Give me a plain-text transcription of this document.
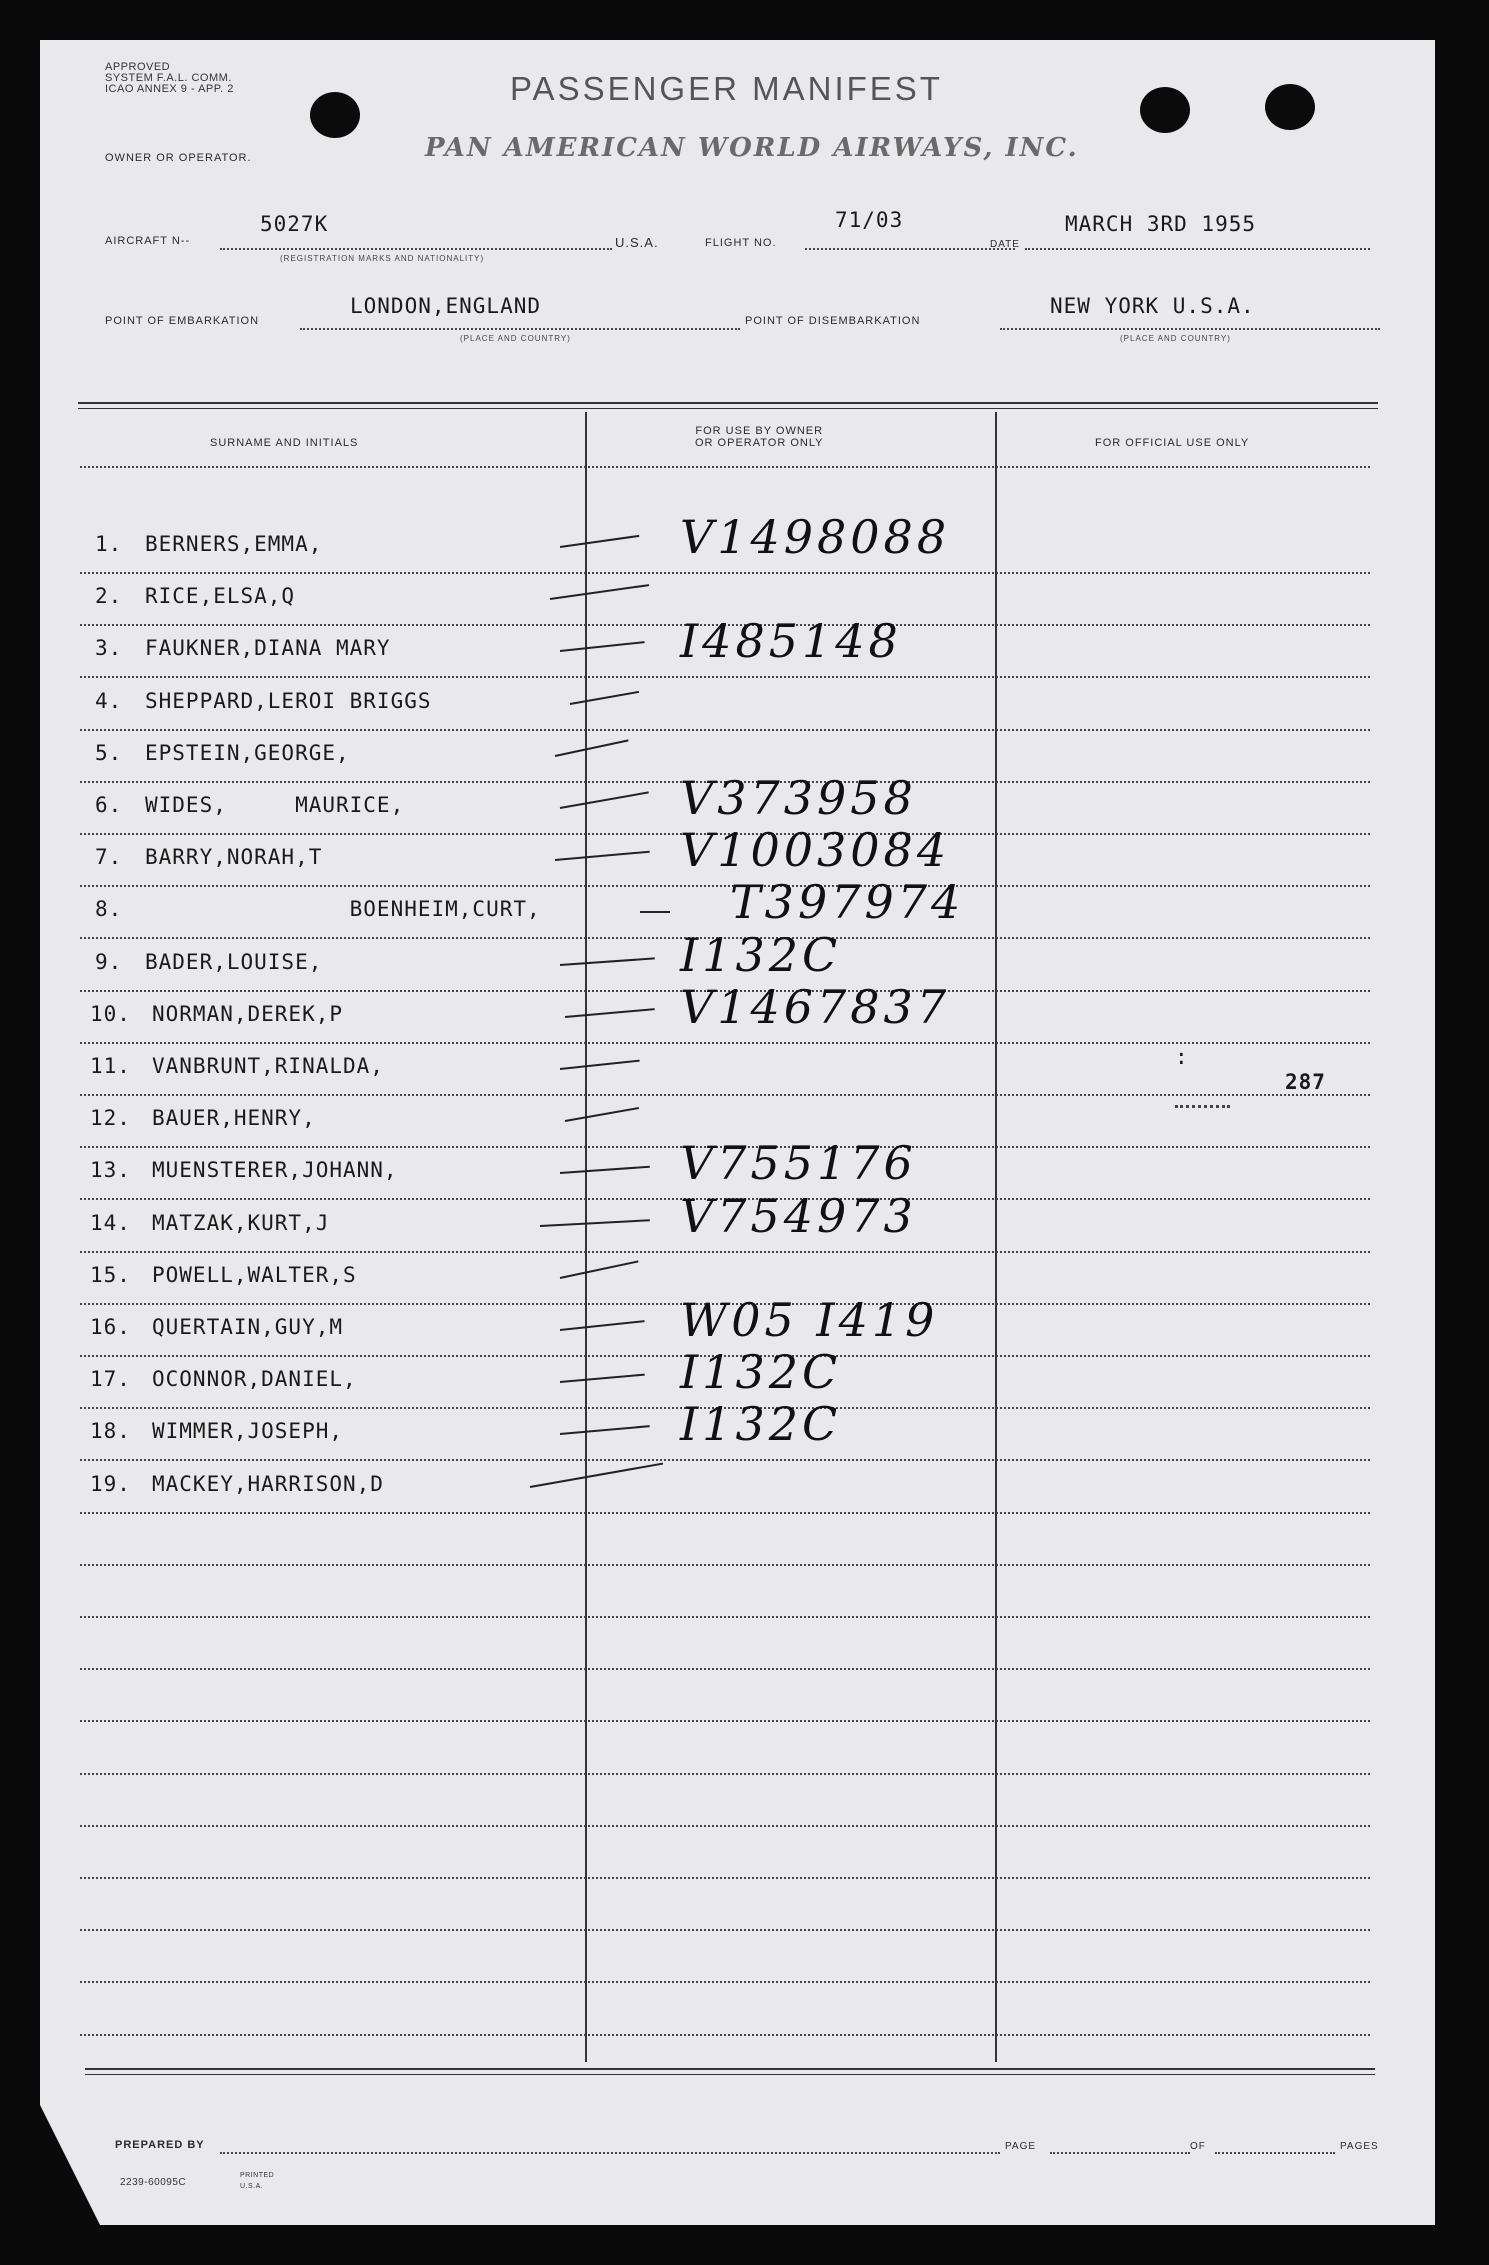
APPROVED
SYSTEM F.A.L. COMM.
ICAO ANNEX 9 - APP. 2	PASSENGER MANIFEST
OWNER OR OPERATOR.	PAN AMERICAN WORLD AIRWAYS, INC.
AIRCRAFT N--
5027K
(REGISTRATION MARKS AND NATIONALITY)
U.S.A.	FLIGHT NO.
71/03
DATE
MARCH 3RD 1955
POINT OF EMBARKATION
LONDON,ENGLAND
(PLACE AND COUNTRY)
POINT OF DISEMBARKATION
NEW YORK U.S.A.
(PLACE AND COUNTRY)
SURNAME AND INITIALS
FOR USE BY OWNER
OR OPERATOR ONLY	FOR OFFICIAL USE ONLY
1. BERNERS,EMMA,	V1498088
2. RICE,ELSA,Q
3. FAUKNER,DIANA MARY	I485148
4. SHEPPARD,LEROI BRIGGS
5. EPSTEIN,GEORGE,
6. WIDES,     MAURICE,	V373958
7. BARRY,NORAH,T	V1003084
8. BOENHEIM,CURT,	T397974
9. BADER,LOUISE,	I132C
10. NORMAN,DEREK,P	V1467837
11. VANBRUNT,RINALDA,
12. BAUER,HENRY,
13. MUENSTERER,JOHANN,	V755176
14. MATZAK,KURT,J	V754973
15. POWELL,WALTER,S
16. QUERTAIN,GUY,M	W05 I419
17. OCONNOR,DANIEL,	I132C
18. WIMMER,JOSEPH,	I132C
19. MACKEY,HARRISON,D
:
287
PREPARED BY	PAGE	OF	PAGES
2239-60095C
PRINTED U.S.A.
